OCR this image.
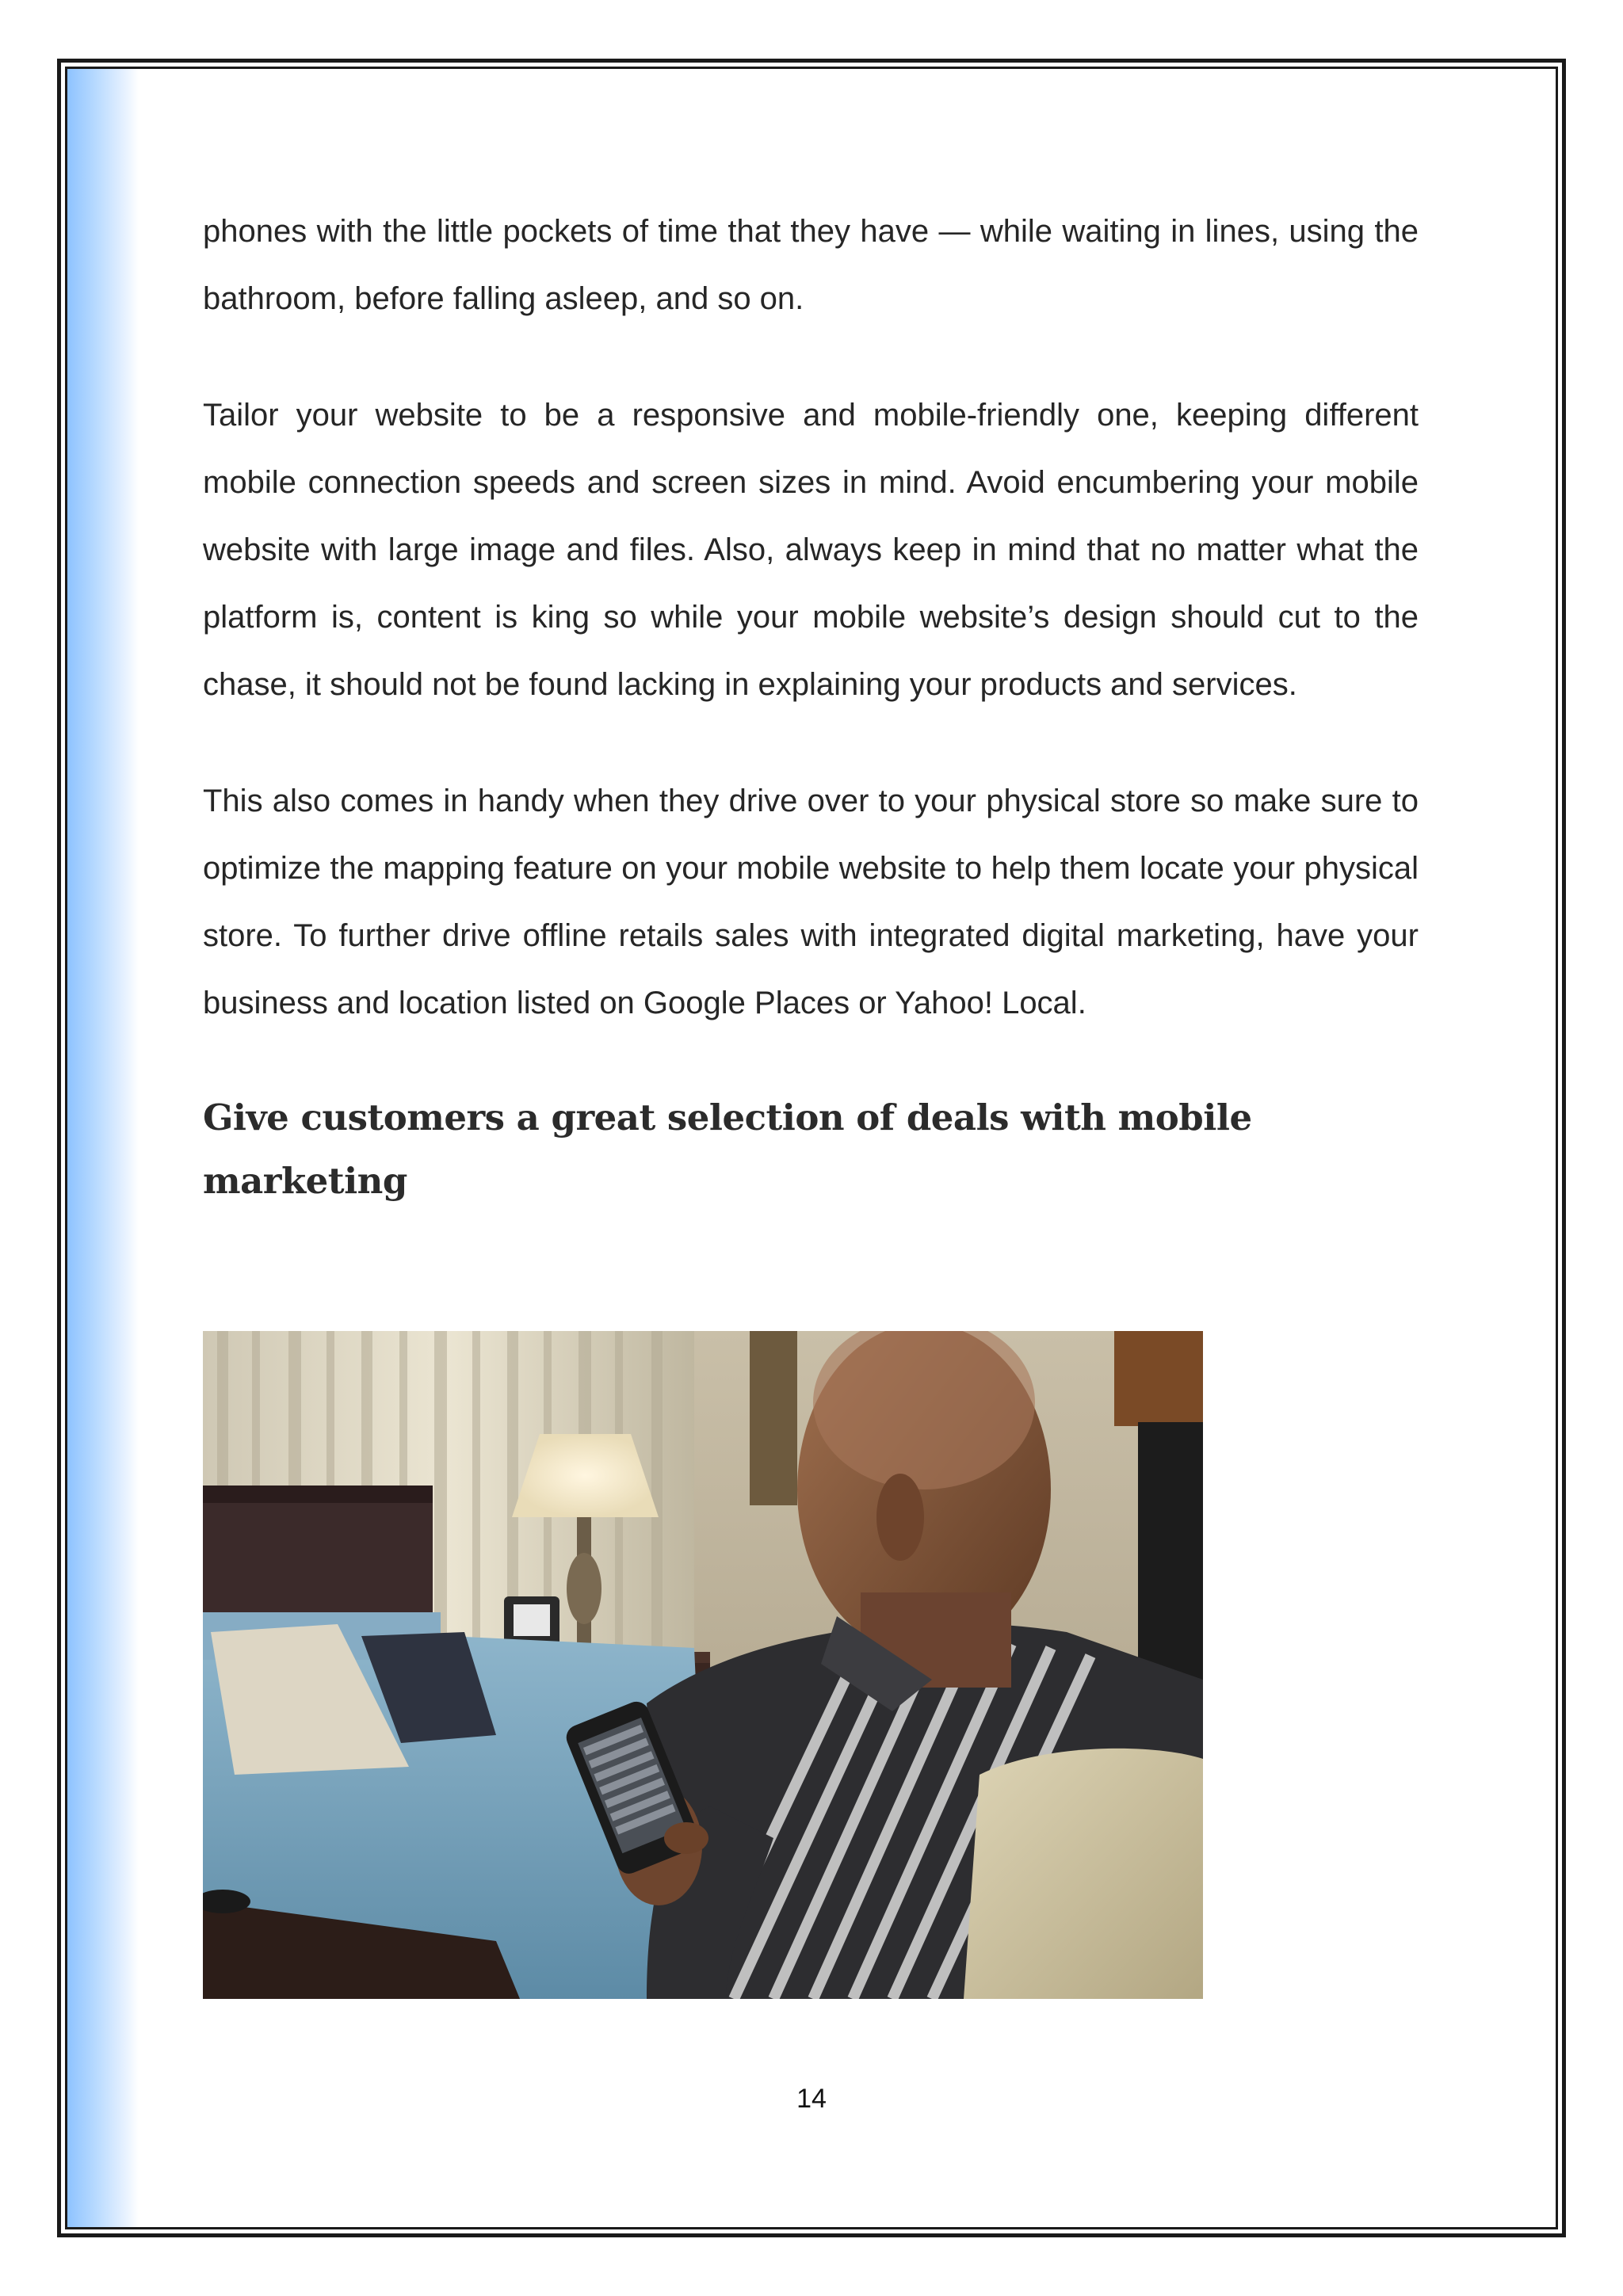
phones with the little pockets of time that they have — while waiting in lines, using the bathroom, before falling asleep, and so on.

Tailor your website to be a responsive and mobile-friendly one, keeping different mobile connection speeds and screen sizes in mind. Avoid encumbering your mobile website with large image and files. Also, always keep in mind that no matter what the platform is, content is king so while your mobile website’s design should cut to the chase, it should not be found lacking in explaining your products and services.

This also comes in handy when they drive over to your physical store so make sure to optimize the mapping feature on your mobile website to help them locate your physical store. To further drive offline retails sales with integrated digital marketing, have your business and location listed on Google Places or Yahoo! Local.

Give customers a great selection of deals with mobile marketing
14
